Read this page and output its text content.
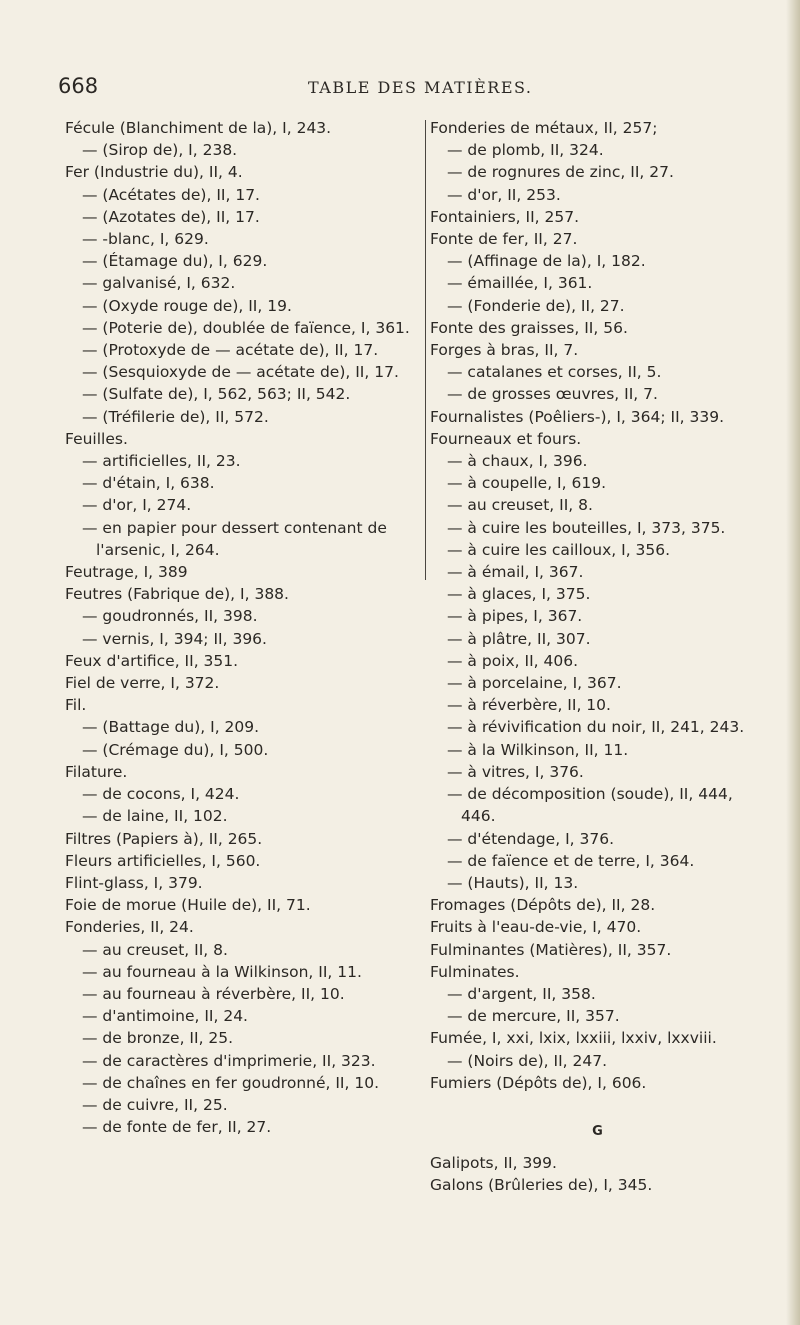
668	TABLE DES MATIÈRES.
Fécule (Blanchiment de la), I, 243.
— (Sirop de), I, 238.
Fer (Industrie du), II, 4.
— (Acétates de), II, 17.
— (Azotates de), II, 17.
— -blanc, I, 629.
— (Étamage du), I, 629.
— galvanisé, I, 632.
— (Oxyde rouge de), II, 19.
— (Poterie de), doublée de faïence, I, 361.
— (Protoxyde de — acétate de), II, 17.
— (Sesquioxyde de — acétate de), II, 17.
— (Sulfate de), I, 562, 563; II, 542.
— (Tréfilerie de), II, 572.
Feuilles.
— artificielles, II, 23.
— d'étain, I, 638.
— d'or, I, 274.
— en papier pour dessert contenant de l'arsenic, I, 264.
Feutrage, I, 389
Feutres (Fabrique de), I, 388.
— goudronnés, II, 398.
— vernis, I, 394; II, 396.
Feux d'artifice, II, 351.
Fiel de verre, I, 372.
Fil.
— (Battage du), I, 209.
— (Crémage du), I, 500.
Filature.
— de cocons, I, 424.
— de laine, II, 102.
Filtres (Papiers à), II, 265.
Fleurs artificielles, I, 560.
Flint-glass, I, 379.
Foie de morue (Huile de), II, 71.
Fonderies, II, 24.
— au creuset, II, 8.
— au fourneau à la Wilkinson, II, 11.
— au fourneau à réverbère, II, 10.
— d'antimoine, II, 24.
— de bronze, II, 25.
— de caractères d'imprimerie, II, 323.
— de chaînes en fer goudronné, II, 10.
— de cuivre, II, 25.
— de fonte de fer, II, 27.
Fonderies de métaux, II, 257;
— de plomb, II, 324.
— de rognures de zinc, II, 27.
— d'or, II, 253.
Fontainiers, II, 257.
Fonte de fer, II, 27.
— (Affinage de la), I, 182.
— émaillée, I, 361.
— (Fonderie de), II, 27.
Fonte des graisses, II, 56.
Forges à bras, II, 7.
— catalanes et corses, II, 5.
— de grosses œuvres, II, 7.
Fournalistes (Poêliers-), I, 364; II, 339.
Fourneaux et fours.
— à chaux, I, 396.
— à coupelle, I, 619.
— au creuset, II, 8.
— à cuire les bouteilles, I, 373, 375.
— à cuire les cailloux, I, 356.
— à émail, I, 367.
— à glaces, I, 375.
— à pipes, I, 367.
— à plâtre, II, 307.
— à poix, II, 406.
— à porcelaine, I, 367.
— à réverbère, II, 10.
— à révivification du noir, II, 241, 243.
— à la Wilkinson, II, 11.
— à vitres, I, 376.
— de décomposition (soude), II, 444, 446.
— d'étendage, I, 376.
— de faïence et de terre, I, 364.
— (Hauts), II, 13.
Fromages (Dépôts de), II, 28.
Fruits à l'eau-de-vie, I, 470.
Fulminantes (Matières), II, 357.
Fulminates.
— d'argent, II, 358.
— de mercure, II, 357.
Fumée, I, xxi, lxix, lxxiii, lxxiv, lxxviii.
— (Noirs de), II, 247.
Fumiers (Dépôts de), I, 606.
G
Galipots, II, 399.
Galons (Brûleries de), I, 345.
